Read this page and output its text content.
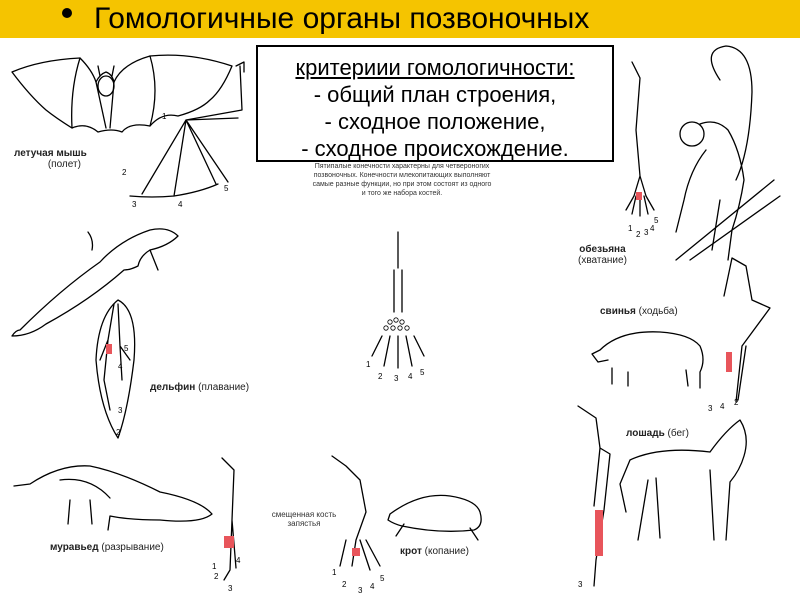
Гомологичные органы позвоночных
критериии гомологичности:
- общий план строения,
- сходное положение,
- сходное происхождение.
Пятипалые конечности характерны для четвероногих
позвоночных. Конечности млекопитающих выполняют
самые разные функции, но при этом состоят из одного
и того же набора костей.
летучая мышь
(полет)
дельфин (плавание)
муравьед (разрывание)	крот (копание)
обезьяна
(хватание)
свинья (ходьба)
лошадь (бег)
смещенная кость
запястья
1
2
3	4
5
1
2 3 4 5
2
3
4
5
1
2 3 4
5
3 4 2
3
1
2
3
4
1
2
3 4
5
